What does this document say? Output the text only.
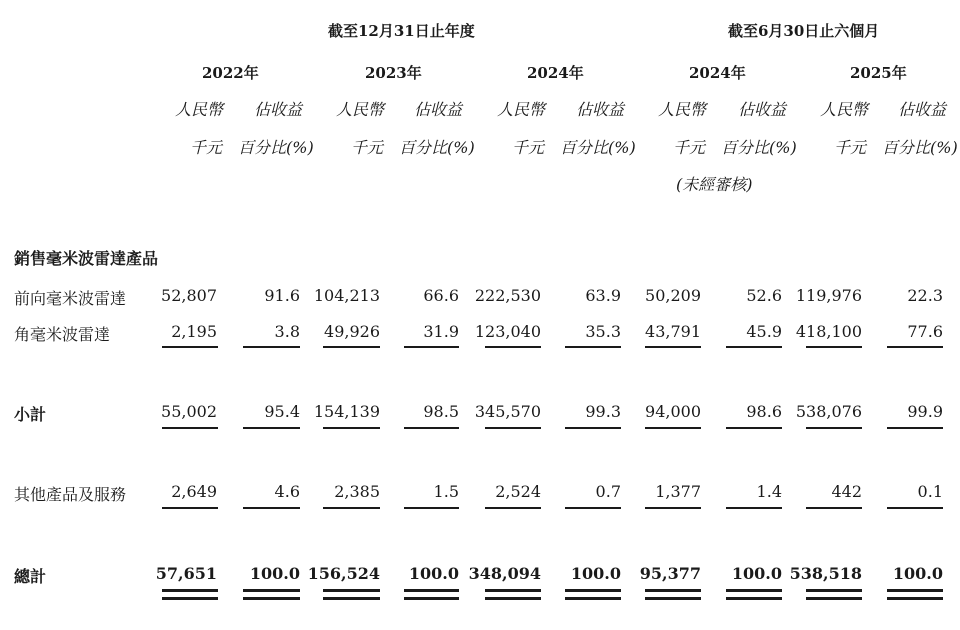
截至12月31日止年度	截至6月30日止六個月
2022年	2023年	2024年	2024年	2025年
人民幣 佔收益 人民幣 佔收益 人民幣 佔收益 人民幣 佔收益 人民幣 佔收益
千元 百分比(%) 千元 百分比(%) 千元 百分比(%) 千元 百分比(%) 千元 百分比(%)
(未經審核)
銷售毫米波雷達產品
前向毫米波雷達 52,807	91.6 104,213	66.6 222,530	63.9 50,209	52.6 119,976	22.3
角毫米波雷達	2,195	3.8 49,926	31.9 123,040	35.3 43,791	45.9 418,100	77.6
小計	55,002	95.4 154,139	98.5 345,570	99.3 94,000	98.6 538,076	99.9
其他產品及服務	2,649	4.6 2,385	1.5 2,524	0.7 1,377	1.4	442	0.1
總計	57,651 100.0 156,524 100.0 348,094 100.0 95,377 100.0 538,518 100.0
